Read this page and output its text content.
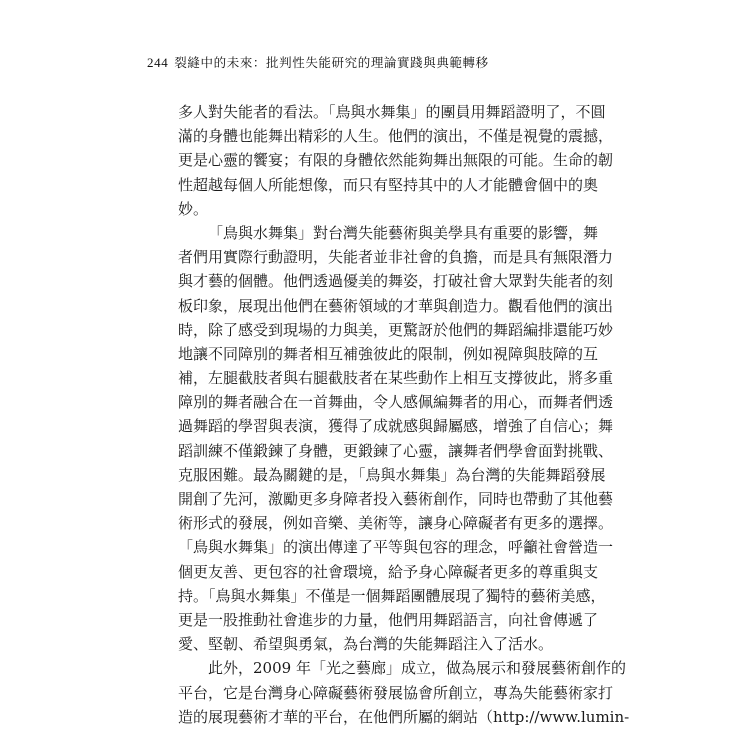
244 裂縫中的未來：批判性失能研究的理論實踐與典範轉移
多人對失能者的看法。「鳥與水舞集」的團員用舞蹈證明了，不圓
滿的身體也能舞出精彩的人生。他們的演出，不僅是視覺的震撼，
更是心靈的饗宴；有限的身體依然能夠舞出無限的可能。生命的韌
性超越每個人所能想像，而只有堅持其中的人才能體會個中的奧
妙。
「鳥與水舞集」對台灣失能藝術與美學具有重要的影響，舞
者們用實際行動證明，失能者並非社會的負擔，而是具有無限潛力
與才藝的個體。他們透過優美的舞姿，打破社會大眾對失能者的刻
板印象，展現出他們在藝術領域的才華與創造力。觀看他們的演出
時，除了感受到現場的力與美，更驚訝於他們的舞蹈編排還能巧妙
地讓不同障別的舞者相互補強彼此的限制，例如視障與肢障的互
補，左腿截肢者與右腿截肢者在某些動作上相互支撐彼此，將多重
障別的舞者融合在一首舞曲，令人感佩編舞者的用心，而舞者們透
過舞蹈的學習與表演，獲得了成就感與歸屬感，增強了自信心；舞
蹈訓練不僅鍛鍊了身體，更鍛鍊了心靈，讓舞者們學會面對挑戰、
克服困難。最為關鍵的是，「鳥與水舞集」為台灣的失能舞蹈發展
開創了先河，激勵更多身障者投入藝術創作，同時也帶動了其他藝
術形式的發展，例如音樂、美術等，讓身心障礙者有更多的選擇。
「鳥與水舞集」的演出傳達了平等與包容的理念，呼籲社會營造一
個更友善、更包容的社會環境，給予身心障礙者更多的尊重與支
持。「鳥與水舞集」不僅是一個舞蹈團體展現了獨特的藝術美感，
更是一股推動社會進步的力量，他們用舞蹈語言，向社會傳遞了
愛、堅韌、希望與勇氣，為台灣的失能舞蹈注入了活水。
此外，2009 年「光之藝廊」成立，做為展示和發展藝術創作的
平台，它是台灣身心障礙藝術發展協會所創立，專為失能藝術家打
造的展現藝術才華的平台，在他們所屬的網站（http://www.lumin-
